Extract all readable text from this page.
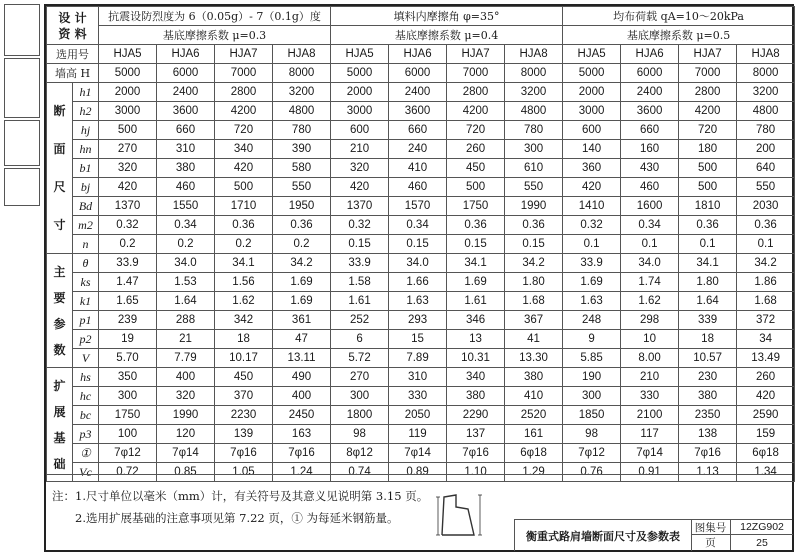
设 计
资 料		抗震设防烈度为 6（0.05g）- 7（0.1g）度				填料内摩擦角 φ=35°				均布荷载 qA=10～20kPa			
		基底摩擦系数 μ=0.3				基底摩擦系数 μ=0.4				基底摩擦系数 μ=0.5			
选用号		HJA5	HJA6	HJA7	HJA8	HJA5	HJA6	HJA7	HJA8	HJA5	HJA6	HJA7	HJA8
墙高 H		5000	6000	7000	8000	5000	6000	7000	8000	5000	6000	7000	8000
断面尺寸	h1	2000	2400	2800	3200	2000	2400	2800	3200	2000	2400	2800	3200
	h2	3000	3600	4200	4800	3000	3600	4200	4800	3000	3600	4200	4800
	hj	500	660	720	780	600	660	720	780	600	660	720	780
	hn	270	310	340	390	210	240	260	300	140	160	180	200
	b1	320	380	420	580	320	410	450	610	360	430	500	640
	bj	420	460	500	550	420	460	500	550	420	460	500	550
	Bd	1370	1550	1710	1950	1370	1570	1750	1990	1410	1600	1810	2030
	m2	0.32	0.34	0.36	0.36	0.32	0.34	0.36	0.36	0.32	0.34	0.36	0.36
	n	0.2	0.2	0.2	0.2	0.15	0.15	0.15	0.15	0.1	0.1	0.1	0.1
主要参数	θ	33.9	34.0	34.1	34.2	33.9	34.0	34.1	34.2	33.9	34.0	34.1	34.2
	ks	1.47	1.53	1.56	1.69	1.58	1.66	1.69	1.80	1.69	1.74	1.80	1.86
	k1	1.65	1.64	1.62	1.69	1.61	1.63	1.61	1.68	1.63	1.62	1.64	1.68
	p1	239	288	342	361	252	293	346	367	248	298	339	372
	p2	19	21	18	47	6	15	13	41	9	10	18	34
	V	5.70	7.79	10.17	13.11	5.72	7.89	10.31	13.30	5.85	8.00	10.57	13.49
扩展基础	hs	350	400	450	490	270	310	340	380	190	210	230	260
	hc	300	320	370	400	300	330	380	410	300	330	380	420
	bc	1750	1990	2230	2450	1800	2050	2290	2520	1850	2100	2350	2590
	p3	100	120	139	163	98	119	137	161	98	117	138	159
	①	7φ12	7φ14	7φ16	7φ16	8φ12	7φ14	7φ16	6φ18	7φ12	7φ14	7φ16	6φ18
	Vc	0.72	0.85	1.05	1.24	0.74	0.89	1.10	1.29	0.76	0.91	1.13	1.34
注：1.尺寸单位以毫米（mm）计，有关符号及其意义见说明第 3.15 页。
2.选用扩展基础的注意事项见第 7.22 页，① 为每延米钢筋量。
衡重式路肩墙断面尺寸及参数表
图集号	12ZG902
页	25
